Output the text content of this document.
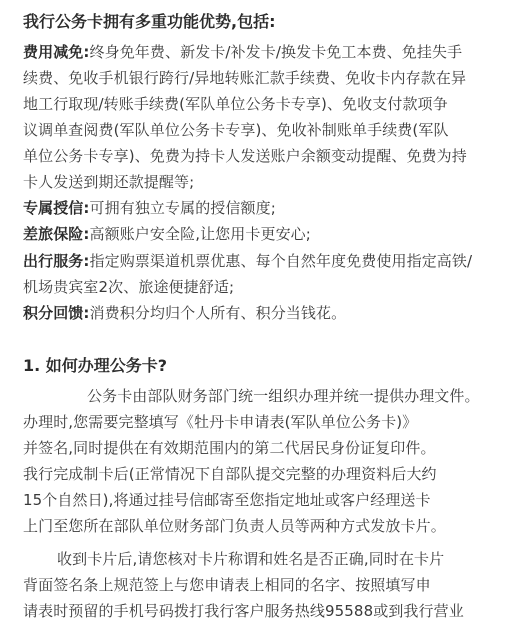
我行公务卡拥有多重功能优势,包括:
费用减免:终身免年费、新发卡/补发卡/换发卡免工本费、免挂失手
续费、免收手机银行跨行/异地转账汇款手续费、免收卡内存款在异
地工行取现/转账手续费(军队单位公务卡专享)、免收支付款项争
议调单查阅费(军队单位公务卡专享)、免收补制账单手续费(军队
单位公务卡专享)、免费为持卡人发送账户余额变动提醒、免费为持
卡人发送到期还款提醒等;
专属授信:可拥有独立专属的授信额度;
差旅保险:高额账户安全险,让您用卡更安心;
出行服务:指定购票渠道机票优惠、每个自然年度免费使用指定高铁/
机场贵宾室2次、旅途便捷舒适;
积分回馈:消费积分均归个人所有、积分当钱花。
1. 如何办理公务卡?
公务卡由部队财务部门统一组织办理并统一提供办理文件。
办理时,您需要完整填写《牡丹卡申请表(军队单位公务卡)》
并签名,同时提供在有效期范围内的第二代居民身份证复印件。
我行完成制卡后(正常情况下自部队提交完整的办理资料后大约
15个自然日),将通过挂号信邮寄至您指定地址或客户经理送卡
上门至您所在部队单位财务部门负责人员等两种方式发放卡片。
收到卡片后,请您核对卡片称谓和姓名是否正确,同时在卡片
背面签名条上规范签上与您申请表上相同的名字、按照填写申
请表时预留的手机号码拨打我行客户服务热线95588或到我行营业
